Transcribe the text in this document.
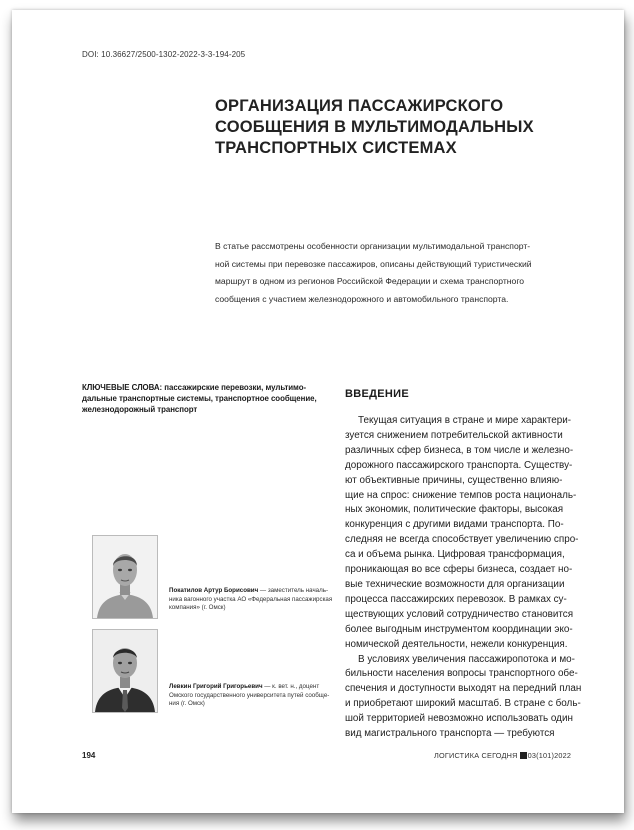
DOI: 10.36627/2500-1302-2022-3-3-194-205
ОРГАНИЗАЦИЯ ПАССАЖИРСКОГО
СООБЩЕНИЯ В МУЛЬТИМОДАЛЬНЫХ
ТРАНСПОРТНЫХ СИСТЕМАХ
В статье рассмотрены особенности организации мультимодальной транспорт-
ной системы при перевозке пассажиров, описаны действующий туристический
маршрут в одном из регионов Российской Федерации и схема транспортного
сообщения с участием железнодорожного и автомобильного транспорта.
КЛЮЧЕВЫЕ СЛОВА: пассажирские перевозки, мультимо-
дальные транспортные системы, транспортное сообщение,
железнодорожный транспорт
Покатилов Артур Борисович — заместитель началь-
ника вагонного участка АО «Федеральная пассажирская
компания» (г. Омск)
Левкин Григорий Григорьевич — к. вет. н., доцент
Омского государственного университета путей сообще-
ния (г. Омск)
ВВЕДЕНИЕ
Текущая ситуация в стране и мире характери-
зуется снижением потребительской активности
различных сфер бизнеса, в том числе и железно-
дорожного пассажирского транспорта. Существу-
ют объективные причины, существенно влияю-
щие на спрос: снижение темпов роста националь-
ных экономик, политические факторы, высокая
конкуренция с другими видами транспорта. По-
следняя не всегда способствует увеличению спро-
са и объема рынка. Цифровая трансформация,
проникающая во все сферы бизнеса, создает но-
вые технические возможности для организации
процесса пассажирских перевозок. В рамках су-
ществующих условий сотрудничество становится
более выгодным инструментом координации эко-
номической деятельности, нежели конкуренция.
В условиях увеличения пассажиропотока и мо-
бильности населения вопросы транспортного обе-
спечения и доступности выходят на передний план
и приобретают широкий масштаб. В стране с боль-
шой территорией невозможно использовать один
вид магистрального транспорта — требуются
194	ЛОГИСТИКА СЕГОДНЯ 03(101)2022
